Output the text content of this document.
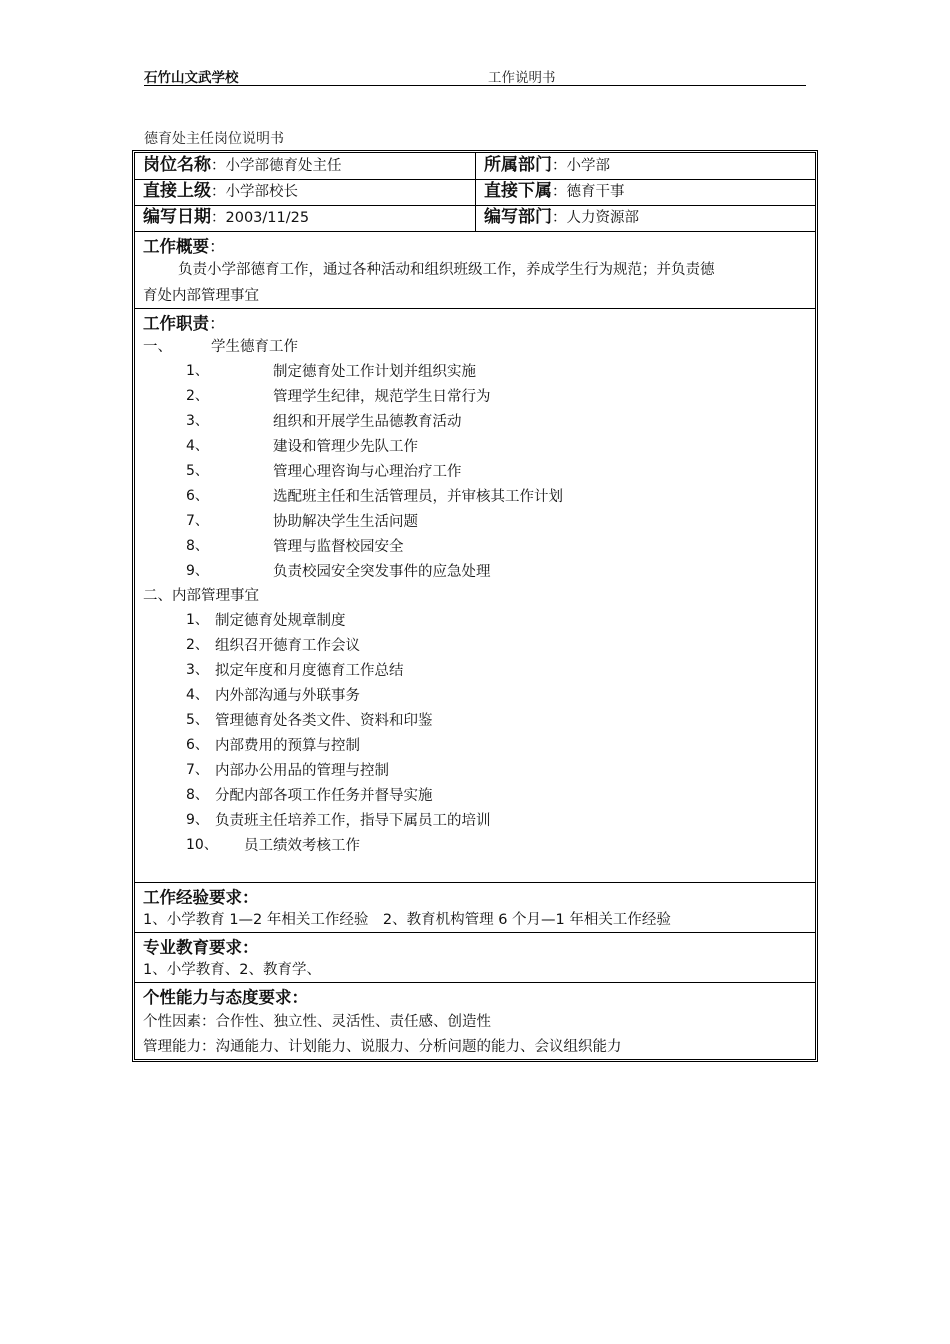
石竹山文武学校	工作说明书
德育处主任岗位说明书
岗位名称：小学部德育处主任	所属部门：小学部
直接上级：小学部校长	直接下属：德育干事
编写日期：2003/11/25	编写部门：人力资源部
工作概要：
负责小学部德育工作，通过各种活动和组织班级工作，养成学生行为规范；并负责德
育处内部管理事宜
工作职责：
一、	学生德育工作
1、	制定德育处工作计划并组织实施
2、	管理学生纪律，规范学生日常行为
3、	组织和开展学生品德教育活动
4、	建设和管理少先队工作
5、	管理心理咨询与心理治疗工作
6、	选配班主任和生活管理员，并审核其工作计划
7、	协助解决学生生活问题
8、	管理与监督校园安全
9、	负责校园安全突发事件的应急处理
二、内部管理事宜
1、 制定德育处规章制度
2、 组织召开德育工作会议
3、 拟定年度和月度德育工作总结
4、 内外部沟通与外联事务
5、 管理德育处各类文件、资料和印鉴
6、 内部费用的预算与控制
7、 内部办公用品的管理与控制
8、 分配内部各项工作任务并督导实施
9、 负责班主任培养工作，指导下属员工的培训
10、 员工绩效考核工作
工作经验要求：
1、小学教育 1—2 年相关工作经验　2、教育机构管理 6 个月—1 年相关工作经验
专业教育要求：
1、小学教育、2、教育学、
个性能力与态度要求：
个性因素：合作性、独立性、灵活性、责任感、创造性
管理能力：沟通能力、计划能力、说服力、分析问题的能力、会议组织能力
